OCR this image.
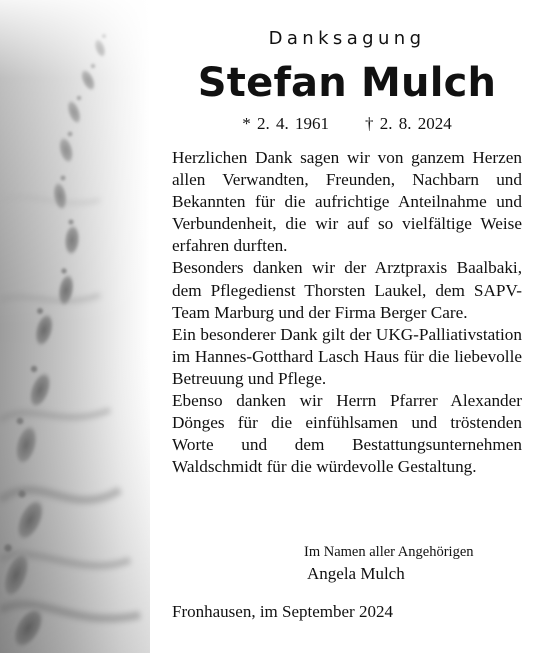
Danksagung
Stefan Mulch
* 2. 4. 1961 † 2. 8. 2024

Herzlichen Dank sagen wir von ganzem Herzen allen Verwandten, Freunden, Nachbarn und Bekannten für die aufrichtige Anteilnahme und Verbundenheit, die wir auf so vielfältige Weise erfahren durften.

Besonders danken wir der Arztpraxis Baalbaki, dem Pflegedienst Thorsten Laukel, dem SAPV-Team Marburg und der Firma Berger Care.

Ein besonderer Dank gilt der UKG-Palliativstation im Hannes-Gotthard Lasch Haus für die liebevolle Betreuung und Pflege.

Ebenso danken wir Herrn Pfarrer Alexander Dönges für die einfühlsamen und tröstenden Worte und dem Bestattungsunternehmen Waldschmidt für die würdevolle Gestaltung.

Im Namen aller Angehörigen
Angela Mulch
Fronhausen, im September 2024
